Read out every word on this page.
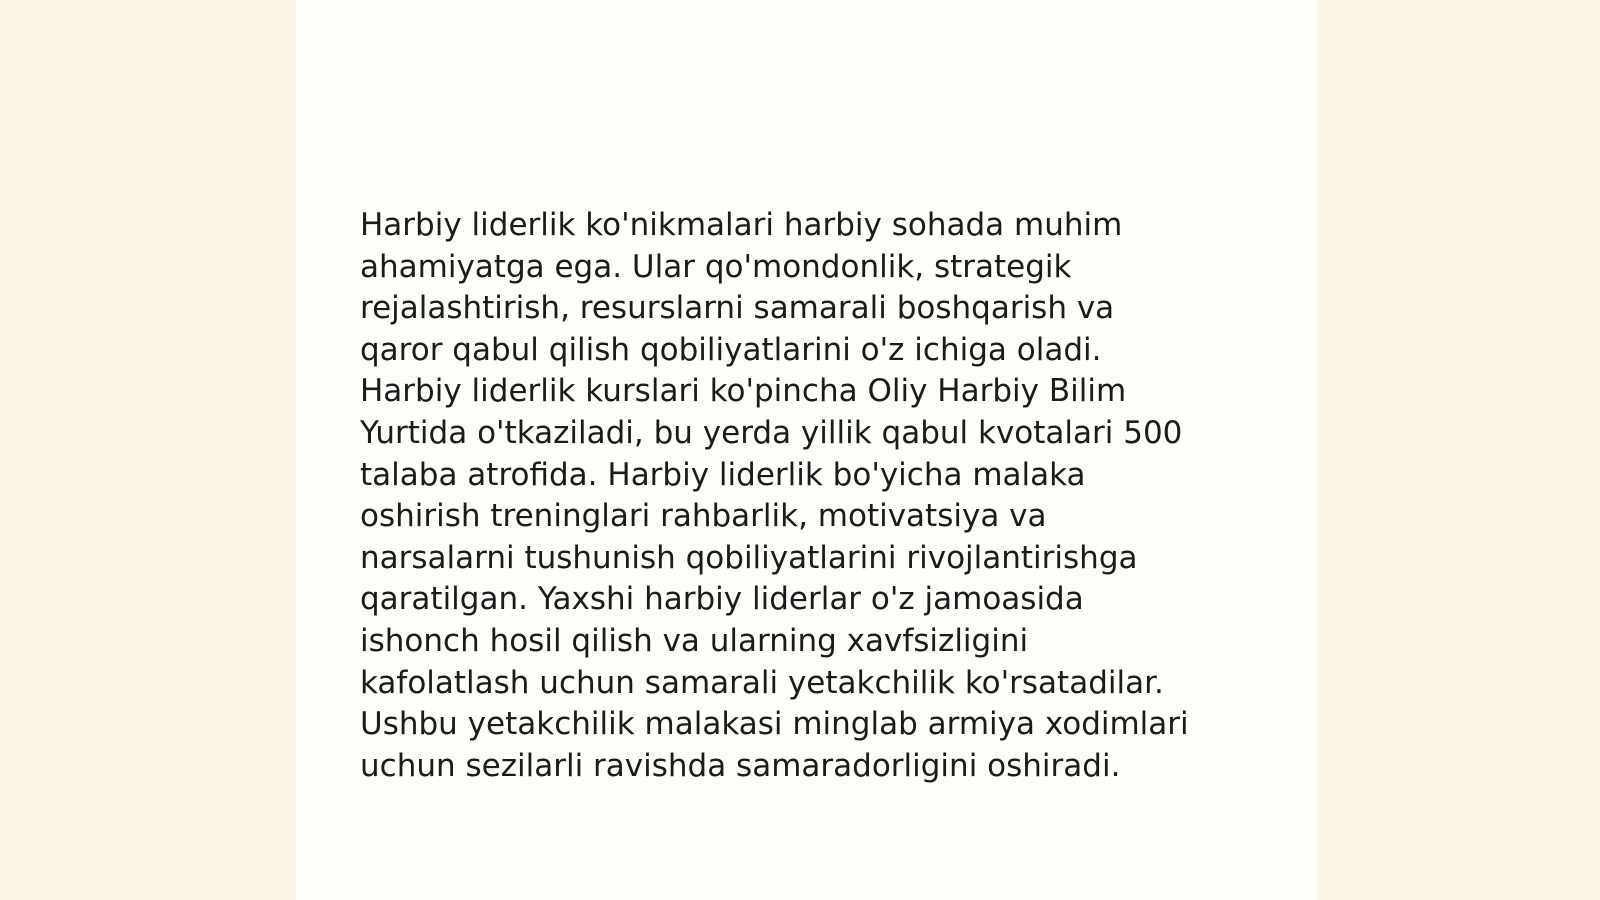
Harbiy liderlik ko'nikmalari harbiy sohada muhim
ahamiyatga ega. Ular qo'mondonlik, strategik
rejalashtirish, resurslarni samarali boshqarish va
qaror qabul qilish qobiliyatlarini o'z ichiga oladi.
Harbiy liderlik kurslari ko'pincha Oliy Harbiy Bilim
Yurtida o'tkaziladi, bu yerda yillik qabul kvotalari 500
talaba atrofida. Harbiy liderlik bo'yicha malaka
oshirish treninglari rahbarlik, motivatsiya va
narsalarni tushunish qobiliyatlarini rivojlantirishga
qaratilgan. Yaxshi harbiy liderlar o'z jamoasida
ishonch hosil qilish va ularning xavfsizligini
kafolatlash uchun samarali yetakchilik ko'rsatadilar.
Ushbu yetakchilik malakasi minglab armiya xodimlari
uchun sezilarli ravishda samaradorligini oshiradi.
